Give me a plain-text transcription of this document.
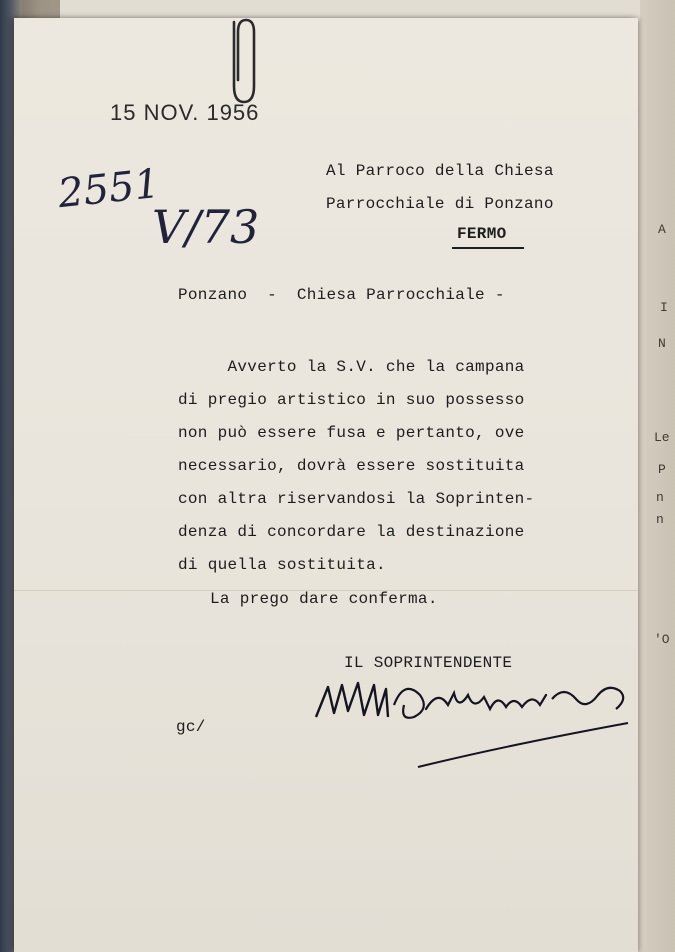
A
I
N
Le
P
n
n
'O
15 NOV. 1956
2551
V/73
Al Parroco della Chiesa
Parrocchiale di Ponzano
FERMO
Ponzano  -  Chiesa Parrocchiale -
Avverto la S.V. che la campana
di pregio artistico in suo possesso
non può essere fusa e pertanto, ove
necessario, dovrà essere sostituita
con altra riservandosi la Soprinten-
denza di concordare la destinazione
di quella sostituita.
La prego dare conferma.
IL SOPRINTENDENTE
gc/
